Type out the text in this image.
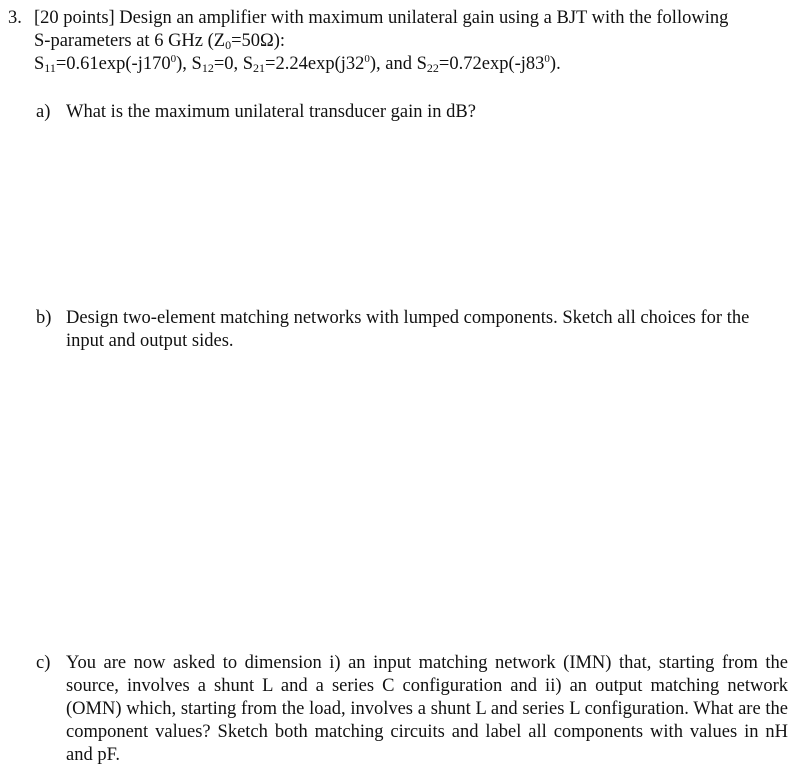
3. [20 points] Design an amplifier with maximum unilateral gain using a BJT with the following
S-parameters at 6 GHz $(Z_0=50\Omega)$:
$S11=0.61\exp(-j170^0)$, S12=0, $S21=2.24\exp(j32^0)$, and $S22=0.72\exp(-j83^0)$.
a) What is the maximum unilateral transducer gain in dB?
b) Design two-element matching networks with lumped components. Sketch all choices for the input and output sides.
c) You are now asked to dimension i) an input matching network (IMN) that, starting from the source, involves a shunt L and a series C configuration and ii) an output matching network (OMN) which, starting from the load, involves a shunt L and series L configuration. What are the component values? Sketch both matching circuits and label all components with values in nH and pF.
